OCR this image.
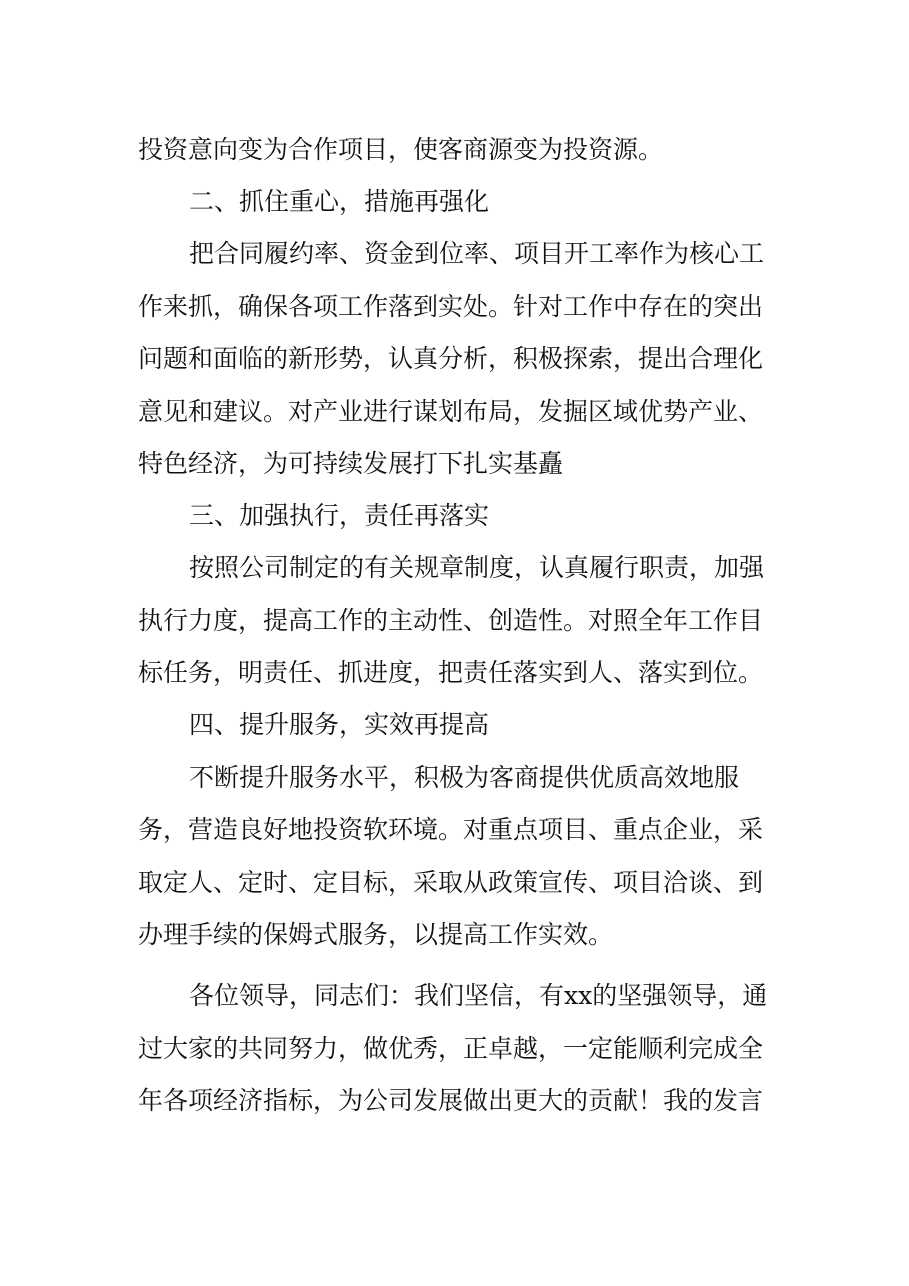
投资意向变为合作项目，使客商源变为投资源。
二、抓住重心，措施再强化
把合同履约率、资金到位率、项目开工率作为核心工
作来抓，确保各项工作落到实处。针对工作中存在的突出
问题和面临的新形势，认真分析，积极探索，提出合理化
意见和建议。对产业进行谋划布局，发掘区域优势产业、
特色经济，为可持续发展打下扎实基矗
三、加强执行，责任再落实
按照公司制定的有关规章制度，认真履行职责，加强
执行力度，提高工作的主动性、创造性。对照全年工作目
标任务，明责任、抓进度，把责任落实到人、落实到位。
四、提升服务，实效再提高
不断提升服务水平，积极为客商提供优质高效地服
务，营造良好地投资软环境。对重点项目、重点企业，采
取定人、定时、定目标，采取从政策宣传、项目洽谈、到
办理手续的保姆式服务，以提高工作实效。
各位领导，同志们：我们坚信，有xx的坚强领导，通
过大家的共同努力，做优秀，正卓越，一定能顺利完成全
年各项经济指标，为公司发展做出更大的贡献！我的发言
